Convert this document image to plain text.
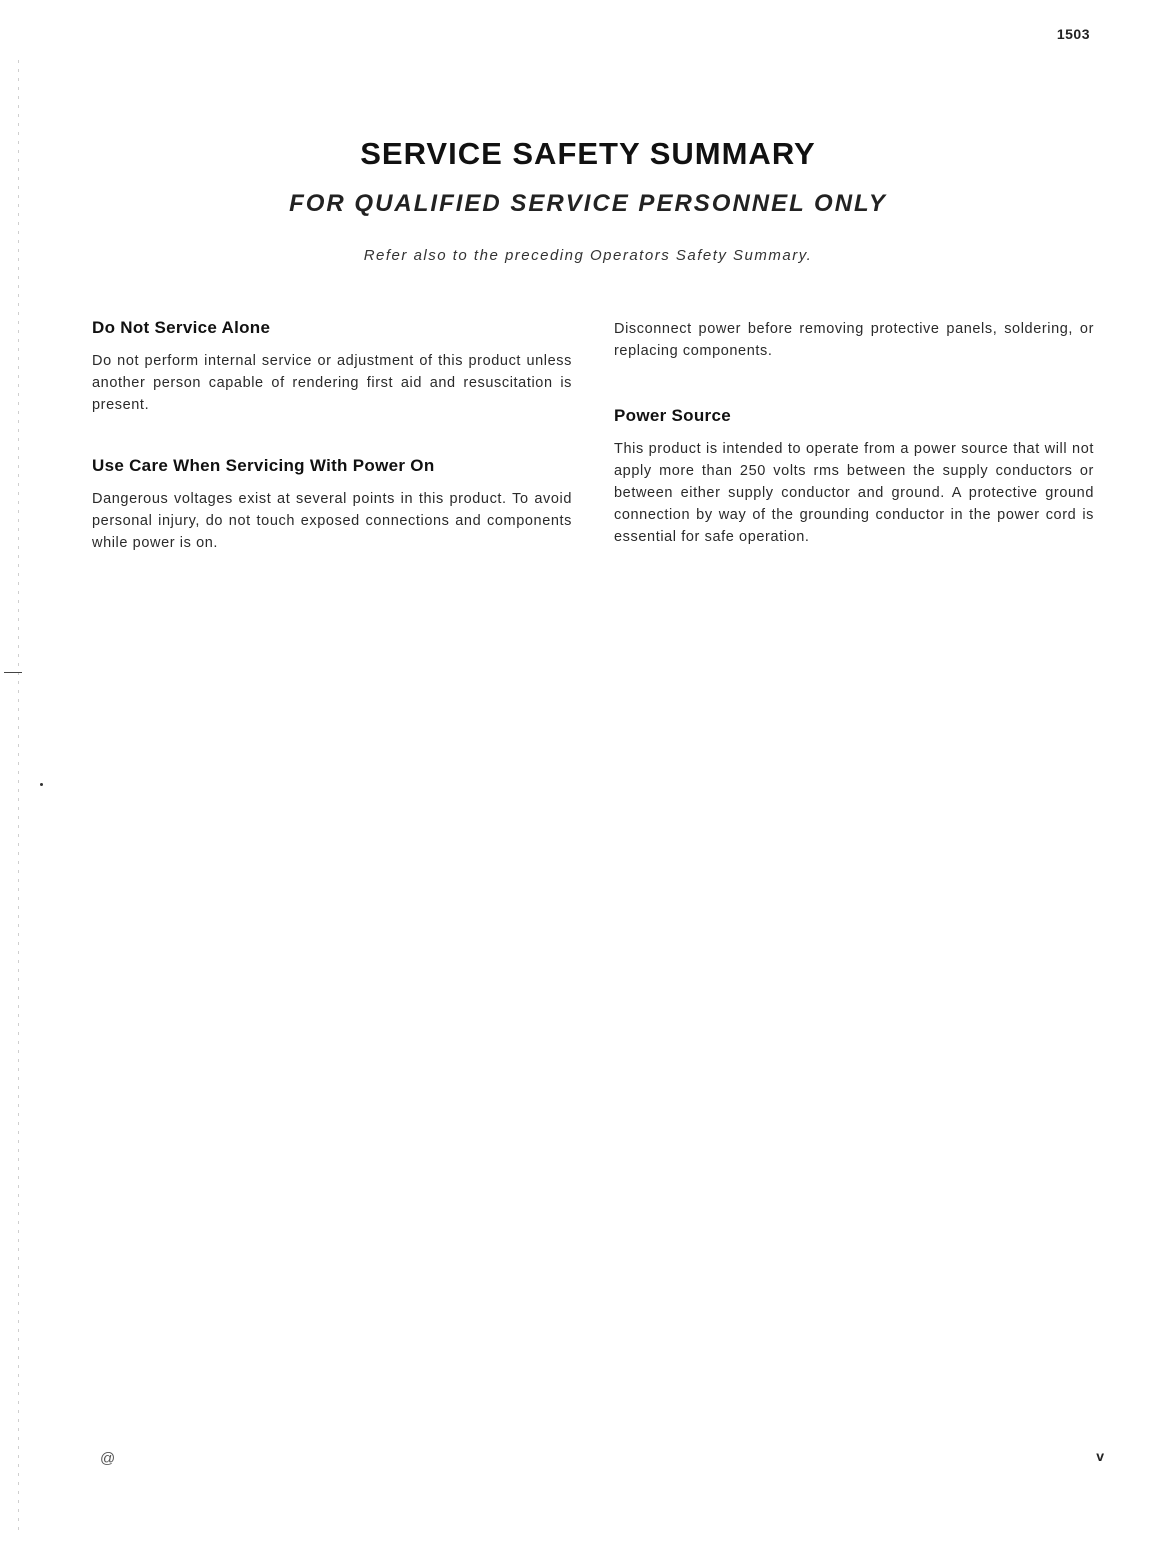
1503
SERVICE SAFETY SUMMARY
FOR QUALIFIED SERVICE PERSONNEL ONLY

Refer also to the preceding Operators Safety Summary.

Do Not Service Alone

Do not perform internal service or adjustment of this product unless another person capable of rendering first aid and resuscitation is present.

Use Care When Servicing With Power On

Dangerous voltages exist at several points in this product. To avoid personal injury, do not touch exposed connections and components while power is on.

Disconnect power before removing protective panels, soldering, or replacing components.

Power Source

This product is intended to operate from a power source that will not apply more than 250 volts rms between the supply conductors or between either supply conductor and ground. A protective ground connection by way of the grounding conductor in the power cord is essential for safe operation.

@	v
